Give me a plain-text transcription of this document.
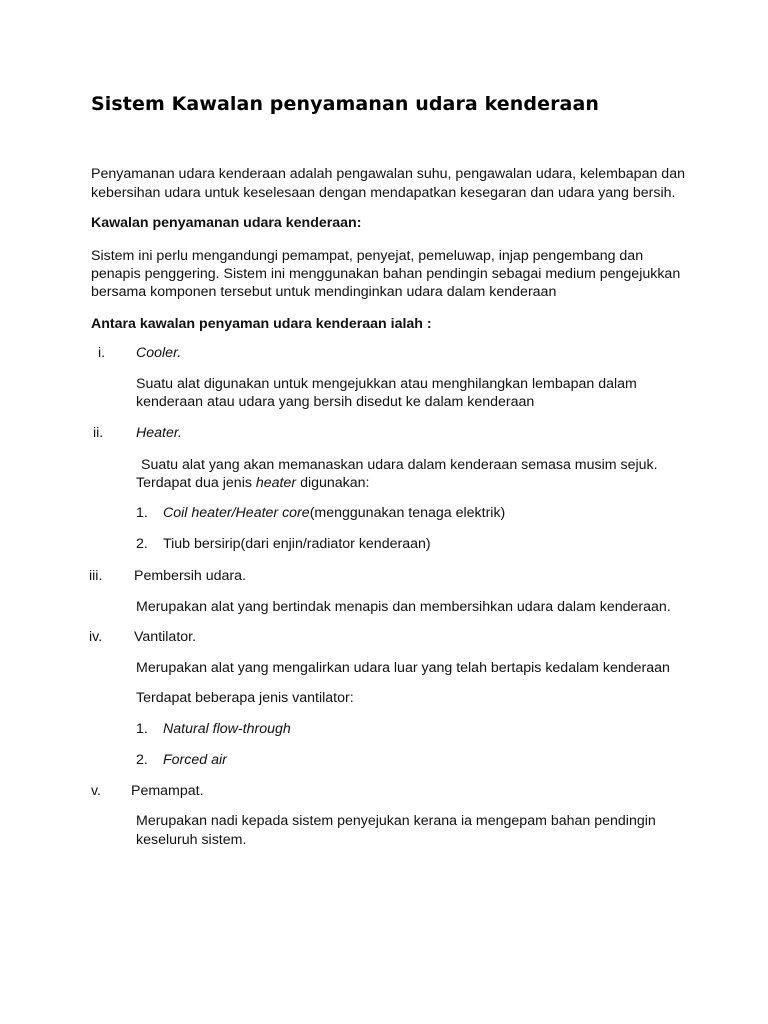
Sistem Kawalan penyamanan udara kenderaan
Penyamanan udara kenderaan adalah pengawalan suhu, pengawalan udara, kelembapan dan
kebersihan udara untuk keselesaan dengan mendapatkan kesegaran dan udara yang bersih.
Kawalan penyamanan udara kenderaan:
Sistem ini perlu mengandungi pemampat, penyejat, pemeluwap, injap pengembang dan
penapis penggering. Sistem ini menggunakan bahan pendingin sebagai medium pengejukkan
bersama komponen tersebut untuk mendinginkan udara dalam kenderaan
Antara kawalan penyaman udara kenderaan ialah :
i. Cooler.
Suatu alat digunakan untuk mengejukkan atau menghilangkan lembapan dalam
kenderaan atau udara yang bersih disedut ke dalam kenderaan
ii. Heater.
Suatu alat yang akan memanaskan udara dalam kenderaan semasa musim sejuk.
Terdapat dua jenis heater digunakan:
1. Coil heater/Heater core(menggunakan tenaga elektrik)
2. Tiub bersirip(dari enjin/radiator kenderaan)
iii. Pembersih udara.
Merupakan alat yang bertindak menapis dan membersihkan udara dalam kenderaan.
iv. Vantilator.
Merupakan alat yang mengalirkan udara luar yang telah bertapis kedalam kenderaan
Terdapat beberapa jenis vantilator:
1. Natural flow-through
2. Forced air
v. Pemampat.
Merupakan nadi kepada sistem penyejukan kerana ia mengepam bahan pendingin
keseluruh sistem.
